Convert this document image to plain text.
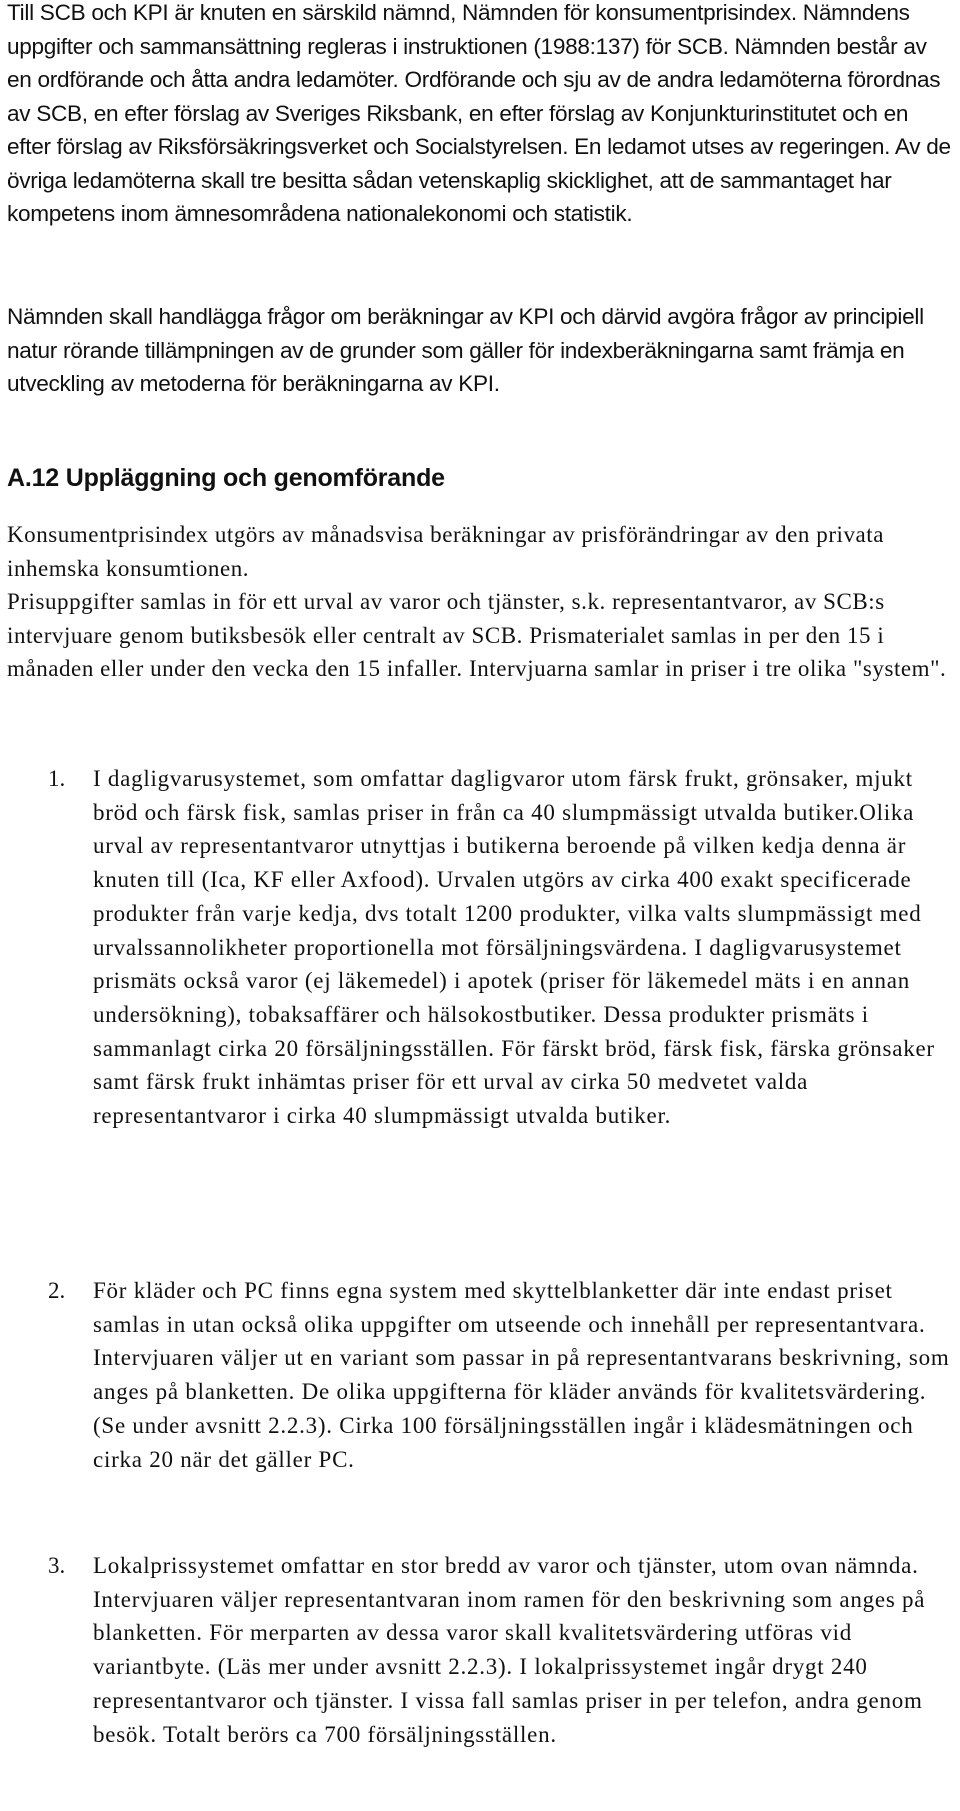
Till SCB och KPI är knuten en särskild nämnd, Nämnden för konsumentprisindex. Nämndens uppgifter och sammansättning regleras i instruktionen (1988:137) för SCB. Nämnden består av en ordförande och åtta andra ledamöter. Ordförande och sju av de andra ledamöterna förordnas av SCB, en efter förslag av Sveriges Riksbank, en efter förslag av Konjunkturinstitutet och en efter förslag av Riksförsäkringsverket och Socialstyrelsen. En ledamot utses av regeringen. Av de övriga ledamöterna skall tre besitta sådan vetenskaplig skicklighet, att de sammantaget har kompetens inom ämnesområdena nationalekonomi och statistik.

Nämnden skall handlägga frågor om beräkningar av KPI och därvid avgöra frågor av principiell natur rörande tillämpningen av de grunder som gäller för indexberäkningarna samt främja en utveckling av metoderna för beräkningarna av KPI.

A.12 Uppläggning och genomförande

Konsumentprisindex utgörs av månadsvisa beräkningar av prisförändringar av den privata inhemska konsumtionen.

Prisuppgifter samlas in för ett urval av varor och tjänster, s.k. representantvaror, av SCB:s intervjuare genom butiksbesök eller centralt av SCB. Prismaterialet samlas in per den 15 i månaden eller under den vecka den 15 infaller. Intervjuarna samlar in priser i tre olika "system".

1. I dagligvarusystemet, som omfattar dagligvaror utom färsk frukt, grönsaker, mjukt bröd och färsk fisk, samlas priser in från ca 40 slumpmässigt utvalda butiker.Olika urval av representantvaror utnyttjas i butikerna beroende på vilken kedja denna är knuten till (Ica, KF eller Axfood). Urvalen utgörs av cirka 400 exakt specificerade produkter från varje kedja, dvs totalt 1200 produkter, vilka valts slumpmässigt med urvalssannolikheter proportionella mot försäljningsvärdena. I dagligvarusystemet prismäts också varor (ej läkemedel) i apotek (priser för läkemedel mäts i en annan undersökning), tobaksaffärer och hälsokostbutiker. Dessa produkter prismäts i sammanlagt cirka 20 försäljningsställen. För färskt bröd, färsk fisk, färska grönsaker samt färsk frukt inhämtas priser för ett urval av cirka 50 medvetet valda representantvaror i cirka 40 slumpmässigt utvalda butiker.
2. För kläder och PC finns egna system med skyttelblanketter där inte endast priset samlas in utan också olika uppgifter om utseende och innehåll per representantvara. Intervjuaren väljer ut en variant som passar in på representantvarans beskrivning, som anges på blanketten. De olika uppgifterna för kläder används för kvalitetsvärdering. (Se under avsnitt 2.2.3). Cirka 100 försäljningsställen ingår i klädesmätningen och cirka 20 när det gäller PC.
3. Lokalprissystemet omfattar en stor bredd av varor och tjänster, utom ovan nämnda. Intervjuaren väljer representantvaran inom ramen för den beskrivning som anges på blanketten. För merparten av dessa varor skall kvalitetsvärdering utföras vid variantbyte. (Läs mer under avsnitt 2.2.3). I lokalprissystemet ingår drygt 240 representantvaror och tjänster. I vissa fall samlas priser in per telefon, andra genom besök. Totalt berörs ca 700 försäljningsställen.
